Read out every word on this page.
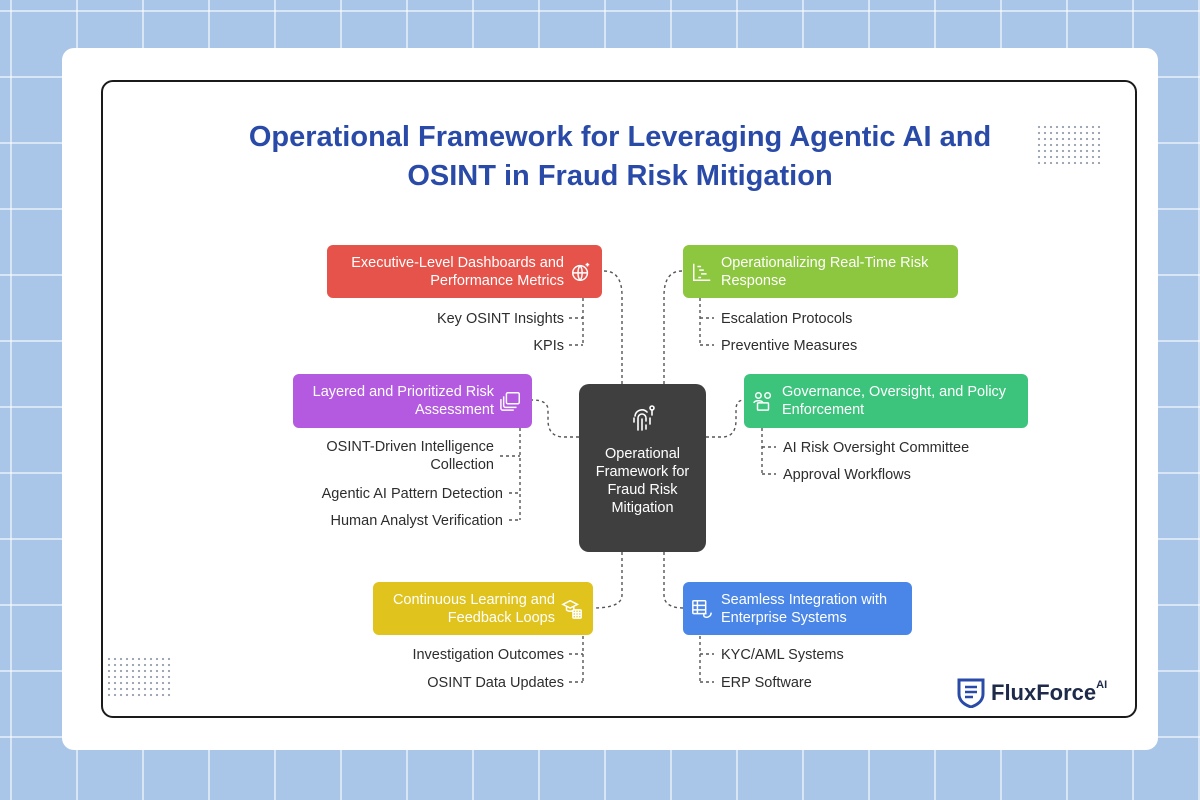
Operational Framework for Leveraging Agentic AI and OSINT in Fraud Risk Mitigation
Executive-Level Dashboards and Performance Metrics
Key OSINT Insights
KPIs
Layered and Prioritized Risk Assessment
OSINT-Driven Intelligence Collection
Agentic AI Pattern Detection
Human Analyst Verification
Continuous Learning and Feedback Loops
Investigation Outcomes
OSINT Data Updates
Operationalizing Real-Time Risk Response
Escalation Protocols
Preventive Measures
Governance, Oversight, and Policy Enforcement
AI Risk Oversight Committee
Approval Workflows
Seamless Integration with Enterprise Systems
KYC/AML Systems
ERP Software
Operational Framework for Fraud Risk Mitigation
FluxForce AI
